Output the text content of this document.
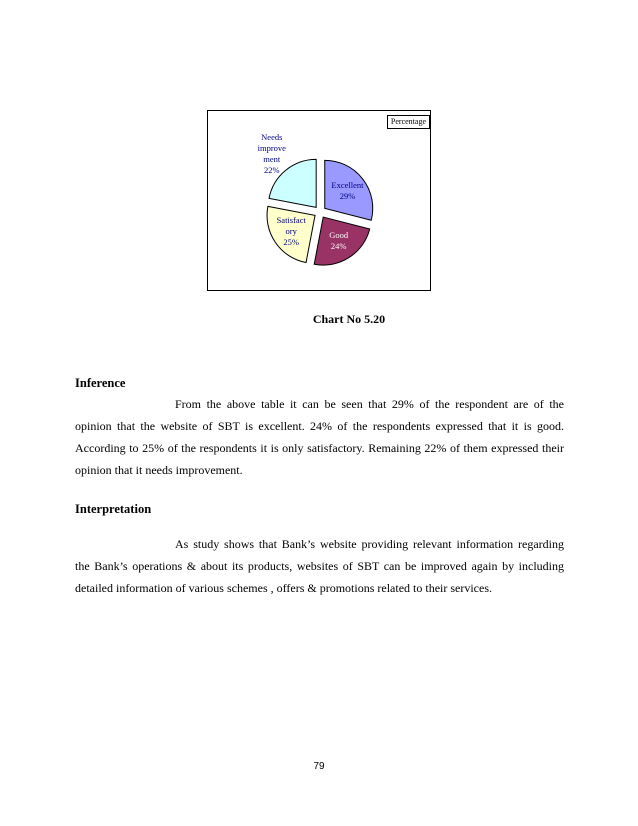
Percentage
Excellent
29%
Good
24%
Satisfact
ory
25%
Needs
improve
ment
22%
Chart No 5.20
Inference
From the above table it can be seen that 29% of the respondent are of the opinion that the website of SBT is excellent. 24% of the respondents expressed that it is good. According to 25% of the respondents it is only satisfactory. Remaining 22% of them expressed their opinion that it needs improvement.
Interpretation
As study shows that Bank’s website providing relevant information regarding the Bank’s operations & about its products, websites of SBT can be improved again by including detailed information of various schemes , offers & promotions related to their services.
79
